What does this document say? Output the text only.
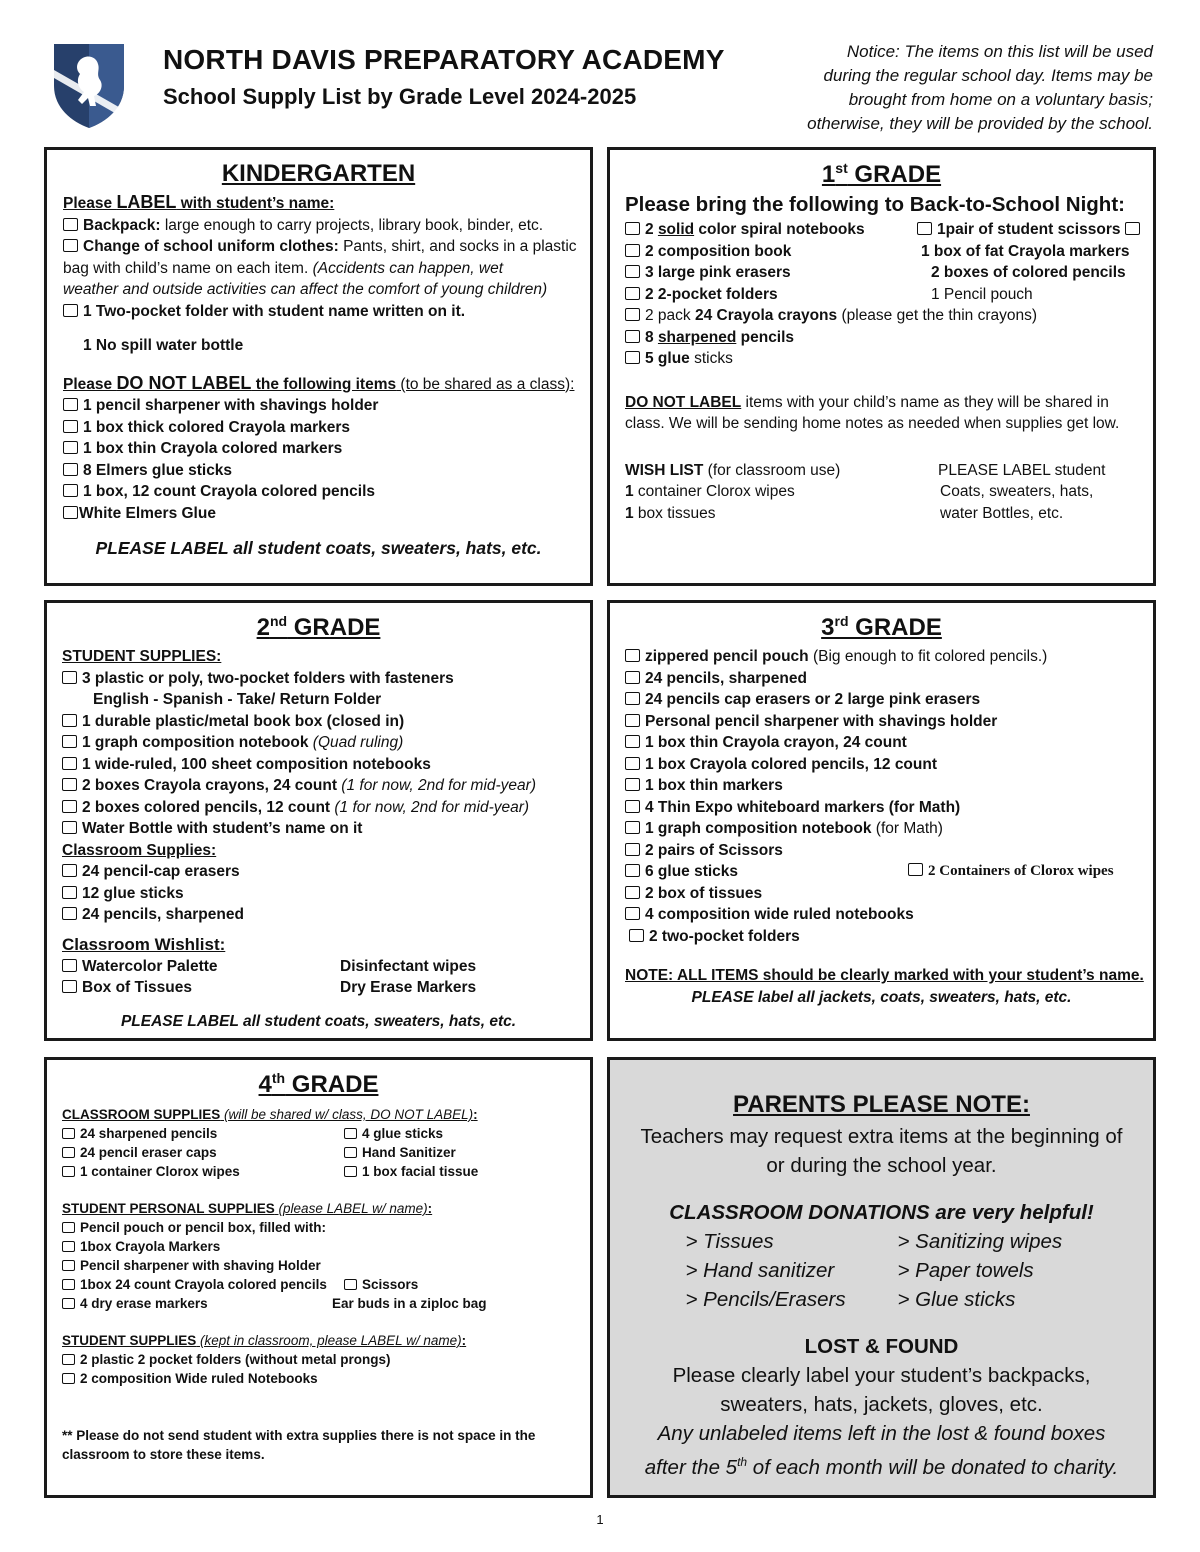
NORTH DAVIS PREPARATORY ACADEMY
School Supply List by Grade Level 2024-2025
Notice: The items on this list will be used
during the regular school day. Items may be
brought from home on a voluntary basis;
otherwise, they will be provided by the school.
KINDERGARTEN
Please LABEL with student’s name:
Backpack: large enough to carry projects, library book, binder, etc.
Change of school uniform clothes: Pants, shirt, and socks in a plastic
bag with child’s name on each item. (Accidents can happen, wet
weather and outside activities can affect the comfort of young children)
1 Two-pocket folder with student name written on it.
1 No spill water bottle
Please DO NOT LABEL the following items (to be shared as a class):
1 pencil sharpener with shavings holder
1 box thick colored Crayola markers
1 box thin Crayola colored markers
8 Elmers glue sticks
1 box, 12 count Crayola colored pencils
White Elmers Glue
PLEASE LABEL all student coats, sweaters, hats, etc.
1st GRADE
Please bring the following to Back-to-School Night:
2 solid color spiral notebooks	1pair of student scissors
2 composition book	1 box of fat Crayola markers
3 large pink erasers	2 boxes of colored pencils
2 2-pocket folders	1 Pencil pouch
2 pack 24 Crayola crayons (please get the thin crayons)
8 sharpened pencils
5 glue sticks
DO NOT LABEL items with your child’s name as they will be shared in
class. We will be sending home notes as needed when supplies get low.
WISH LIST (for classroom use)	PLEASE LABEL student
1 container Clorox wipes	Coats, sweaters, hats,
1 box tissues	water Bottles, etc.
2nd GRADE
STUDENT SUPPLIES:
3 plastic or poly, two-pocket folders with fasteners
English - Spanish - Take/ Return Folder
1 durable plastic/metal book box (closed in)
1 graph composition notebook (Quad ruling)
1 wide-ruled, 100 sheet composition notebooks
2 boxes Crayola crayons, 24 count (1 for now, 2nd for mid-year)
2 boxes colored pencils, 12 count (1 for now, 2nd for mid-year)
Water Bottle with student’s name on it
Classroom Supplies:
24 pencil-cap erasers
12 glue sticks
24 pencils, sharpened
Classroom Wishlist:
Watercolor Palette	Disinfectant wipes
Box of Tissues	Dry Erase Markers
PLEASE LABEL all student coats, sweaters, hats, etc.
3rd GRADE
zippered pencil pouch (Big enough to fit colored pencils.)
24 pencils, sharpened
24 pencils cap erasers or 2 large pink erasers
Personal pencil sharpener with shavings holder
1 box thin Crayola crayon, 24 count
1 box Crayola colored pencils, 12 count
1 box thin markers
4 Thin Expo whiteboard markers (for Math)
1 graph composition notebook (for Math)
2 pairs of Scissors
6 glue sticks	2 Containers of Clorox wipes
2 box of tissues
4 composition wide ruled notebooks
2 two-pocket folders
NOTE: ALL ITEMS should be clearly marked with your student’s name.
PLEASE label all jackets, coats, sweaters, hats, etc.
4th GRADE
CLASSROOM SUPPLIES (will be shared w/ class, DO NOT LABEL):
24 sharpened pencils	4 glue sticks
24 pencil eraser caps	Hand Sanitizer
1 container Clorox wipes	1 box facial tissue
STUDENT PERSONAL SUPPLIES (please LABEL w/ name):
Pencil pouch or pencil box, filled with:
1box Crayola Markers
Pencil sharpener with shaving Holder
1box 24 count Crayola colored pencils	Scissors
4 dry erase markers	Ear buds in a ziploc bag
STUDENT SUPPLIES (kept in classroom, please LABEL w/ name):
2 plastic 2 pocket folders (without metal prongs)
2 composition Wide ruled Notebooks
** Please do not send student with extra supplies there is not space in the
classroom to store these items.
PARENTS PLEASE NOTE:
Teachers may request extra items at the beginning of
or during the school year.
CLASSROOM DONATIONS are very helpful!
> Tissues
> Hand sanitizer
> Pencils/Erasers
> Sanitizing wipes
> Paper towels
> Glue sticks
LOST & FOUND
Please clearly label your student’s backpacks,
sweaters, hats, jackets, gloves, etc.
Any unlabeled items left in the lost & found boxes
after the 5th of each month will be donated to charity.
1
